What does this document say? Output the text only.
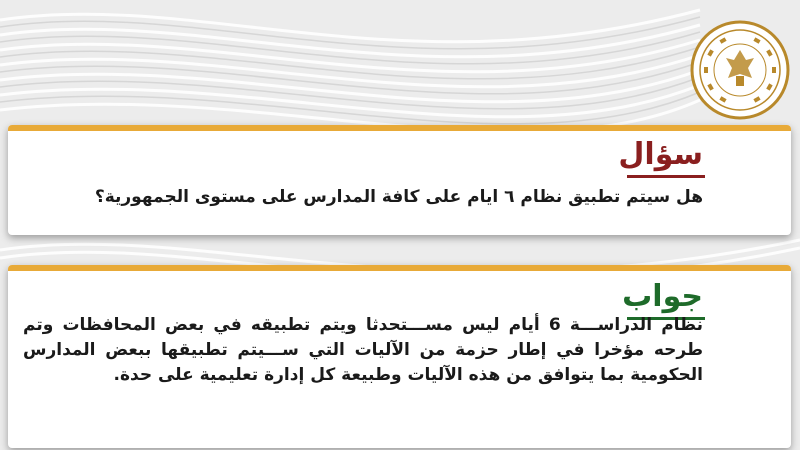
سؤال
هل سيتم تطبيق نظام ٦ ايام على كافة المدارس على مستوى الجمهورية؟
جواب
نظام الدراســـة 6 أيام ليس مســـتحدثا ويتم تطبيقه في بعض المحافظات وتم طرحه مؤخرا في إطار حزمة من الآليات التي ســـيتم تطبيقها ببعض المدارس الحكومية بما يتوافق من هذه الآليات وطبيعة كل إدارة تعليمية على حدة.
